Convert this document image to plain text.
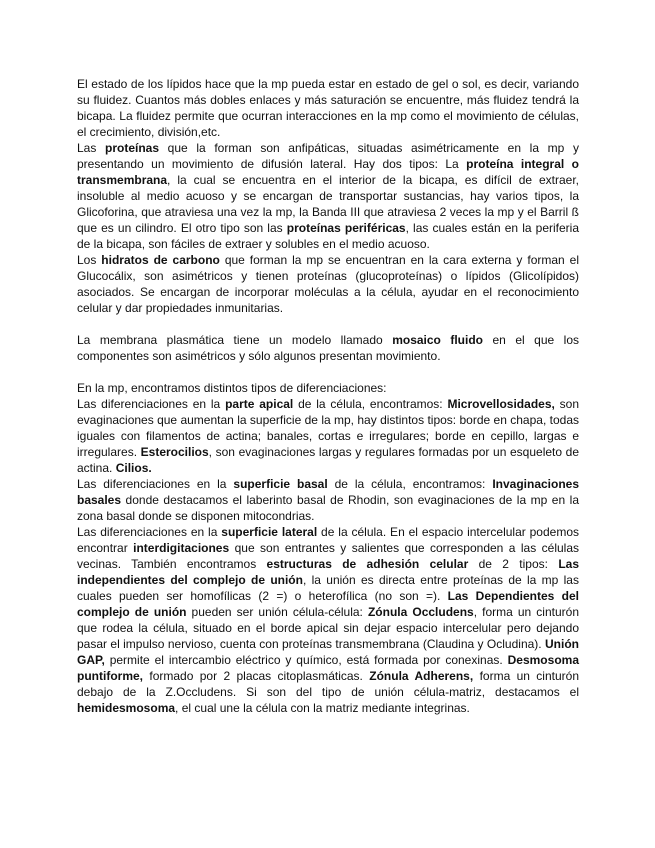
El estado de los lípidos hace que la mp pueda estar en estado de gel o sol, es decir, variando su fluidez. Cuantos más dobles enlaces y más saturación se encuentre, más fluidez tendrá la bicapa. La fluidez permite que ocurran interacciones en la mp como el movimiento de células, el crecimiento, división,etc.

Las proteínas que la forman son anfipáticas, situadas asimétricamente en la mp y presentando un movimiento de difusión lateral. Hay dos tipos: La proteína integral o transmembrana, la cual se encuentra en el interior de la bicapa, es difícil de extraer, insoluble al medio acuoso y se encargan de transportar sustancias, hay varios tipos, la Glicoforina, que atraviesa una vez la mp, la Banda III que atraviesa 2 veces la mp y el Barril ß que es un cilindro. El otro tipo son las proteínas periféricas, las cuales están en la periferia de la bicapa, son fáciles de extraer y solubles en el medio acuoso.

Los hidratos de carbono que forman la mp se encuentran en la cara externa y forman el Glucocálix, son asimétricos y tienen proteínas (glucoproteínas) o lípidos (Glicolípidos) asociados. Se encargan de incorporar moléculas a la célula, ayudar en el reconocimiento celular y dar propiedades inmunitarias.

La membrana plasmática tiene un modelo llamado mosaico fluido en el que los componentes son asimétricos y sólo algunos presentan movimiento.

En la mp, encontramos distintos tipos de diferenciaciones:

Las diferenciaciones en la parte apical de la célula, encontramos: Microvellosidades, son evaginaciones que aumentan la superficie de la mp, hay distintos tipos: borde en chapa, todas iguales con filamentos de actina; banales, cortas e irregulares; borde en cepillo, largas e irregulares. Esterocilios, son evaginaciones largas y regulares formadas por un esqueleto de actina. Cilios.

Las diferenciaciones en la superficie basal de la célula, encontramos: Invaginaciones basales donde destacamos el laberinto basal de Rhodin, son evaginaciones de la mp en la zona basal donde se disponen mitocondrias.

Las diferenciaciones en la superficie lateral de la célula. En el espacio intercelular podemos encontrar interdigitaciones que son entrantes y salientes que corresponden a las células vecinas. También encontramos estructuras de adhesión celular de 2 tipos: Las independientes del complejo de unión, la unión es directa entre proteínas de la mp las cuales pueden ser homofílicas (2 =) o heterofílica (no son =). Las Dependientes del complejo de unión pueden ser unión célula-célula: Zónula Occludens, forma un cinturón que rodea la célula, situado en el borde apical sin dejar espacio intercelular pero dejando pasar el impulso nervioso, cuenta con proteínas transmembrana (Claudina y Ocludina). Unión GAP, permite el intercambio eléctrico y químico, está formada por conexinas. Desmosoma puntiforme, formado por 2 placas citoplasmáticas. Zónula Adherens, forma un cinturón debajo de la Z.Occludens. Si son del tipo de unión célula-matriz, destacamos el hemidesmosoma, el cual une la célula con la matriz mediante integrinas.
